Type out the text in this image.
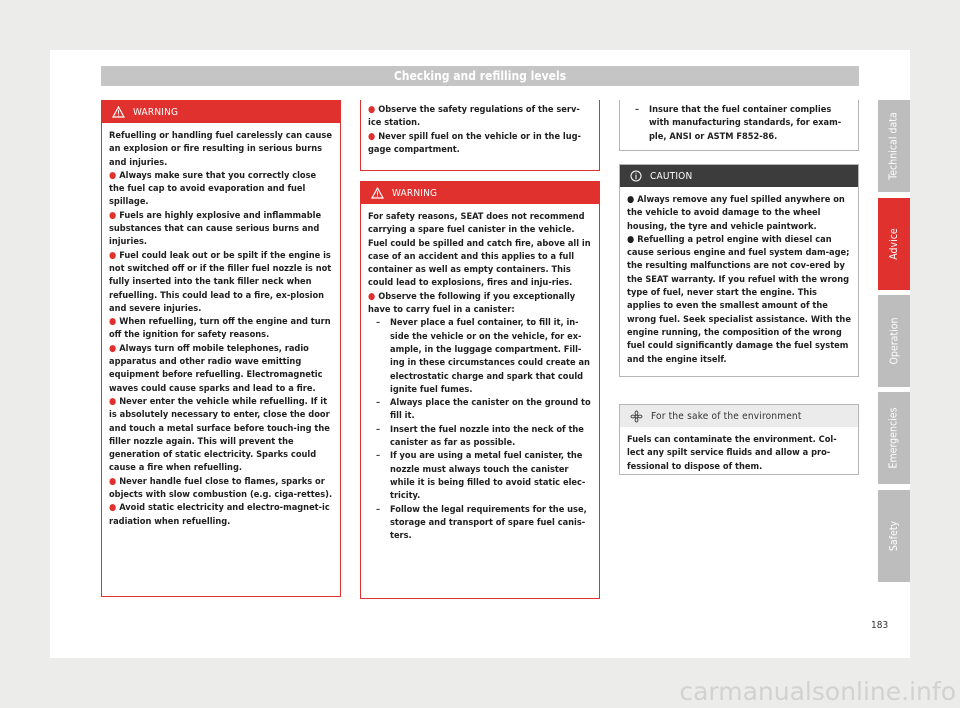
Checking and refilling levels
WARNING

Refuelling or handling fuel carelessly can cause an explosion or fire resulting in serious burns and injuries.

● Always make sure that you correctly close the fuel cap to avoid evaporation and fuel spillage.

● Fuels are highly explosive and inflammable substances that can cause serious burns and injuries.

● Fuel could leak out or be spilt if the engine is not switched off or if the filler fuel nozzle is not fully inserted into the tank filler neck when refuelling. This could lead to a fire, ex-plosion and severe injuries.

● When refuelling, turn off the engine and turn off the ignition for safety reasons.

● Always turn off mobile telephones, radio apparatus and other radio wave emitting equipment before refuelling. Electromagnetic waves could cause sparks and lead to a fire.

● Never enter the vehicle while refuelling. If it is absolutely necessary to enter, close the door and touch a metal surface before touch-ing the filler nozzle again. This will prevent the generation of static electricity. Sparks could cause a fire when refuelling.

● Never handle fuel close to flames, sparks or objects with slow combustion (e.g. ciga-rettes).

● Avoid static electricity and electro-magnet-ic radiation when refuelling.

● Observe the safety regulations of the serv-ice station.

● Never spill fuel on the vehicle or in the lug-gage compartment.

WARNING

For safety reasons, SEAT does not recommend carrying a spare fuel canister in the vehicle. Fuel could be spilled and catch fire, above all in case of an accident and this applies to a full container as well as empty containers. This could lead to explosions, fires and inju-ries.

● Observe the following if you exceptionally have to carry fuel in a canister:

– Never place a fuel container, to fill it, in-side the vehicle or on the vehicle, for ex-ample, in the luggage compartment. Fill-ing in these circumstances could create an electrostatic charge and spark that could ignite fuel fumes.

– Always place the canister on the ground to fill it.

– Insert the fuel nozzle into the neck of the canister as far as possible.

– If you are using a metal fuel canister, the nozzle must always touch the canister while it is being filled to avoid static elec-tricity.

– Follow the legal requirements for the use, storage and transport of spare fuel canis-ters.

– Insure that the fuel container complies with manufacturing standards, for exam-ple, ANSI or ASTM F852-86.

CAUTION

● Always remove any fuel spilled anywhere on the vehicle to avoid damage to the wheel housing, the tyre and vehicle paintwork.

● Refuelling a petrol engine with diesel can cause serious engine and fuel system dam-age; the resulting malfunctions are not cov-ered by the SEAT warranty. If you refuel with the wrong type of fuel, never start the engine. This applies to even the smallest amount of the wrong fuel. Seek specialist assistance. With the engine running, the composition of the wrong fuel could significantly damage the fuel system and the engine itself.

For the sake of the environment

Fuels can contaminate the environment. Col-lect any spilt service fluids and allow a pro-fessional to dispose of them.

Technical data
Advice
Operation
Emergencies
Safety
183
carmanualsonline.info
